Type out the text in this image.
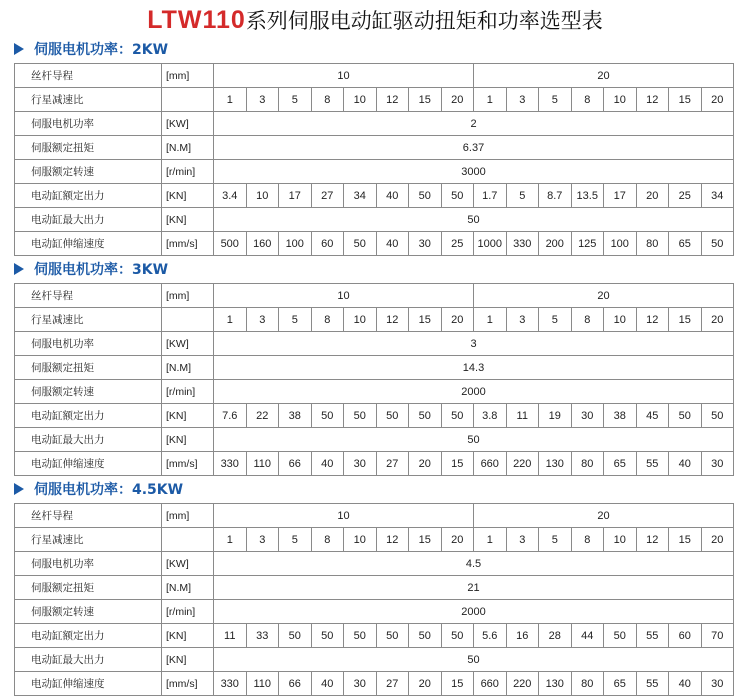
LTW110系列伺服电动缸驱动扭矩和功率选型表
伺服电机功率：2KW
丝杆导程	[mm]	10								20							
行星减速比		1	3	5	8	10	12	15	20	1	3	5	8	10	12	15	20
伺服电机功率	[KW]	2															
伺服额定扭矩	[N.M]	6.37															
伺服额定转速	[r/min]	3000															
电动缸额定出力	[KN]	3.4	10	17	27	34	40	50	50	1.7	5	8.7	13.5	17	20	25	34
电动缸最大出力	[KN]	50															
电动缸伸缩速度	[mm/s]	500	160	100	60	50	40	30	25	1000	330	200	125	100	80	65	50
伺服电机功率：3KW
丝杆导程	[mm]	10								20							
行星减速比		1	3	5	8	10	12	15	20	1	3	5	8	10	12	15	20
伺服电机功率	[KW]	3															
伺服额定扭矩	[N.M]	14.3															
伺服额定转速	[r/min]	2000															
电动缸额定出力	[KN]	7.6	22	38	50	50	50	50	50	3.8	11	19	30	38	45	50	50
电动缸最大出力	[KN]	50															
电动缸伸缩速度	[mm/s]	330	110	66	40	30	27	20	15	660	220	130	80	65	55	40	30
伺服电机功率：4.5KW
丝杆导程	[mm]	10								20							
行星减速比		1	3	5	8	10	12	15	20	1	3	5	8	10	12	15	20
伺服电机功率	[KW]	4.5															
伺服额定扭矩	[N.M]	21															
伺服额定转速	[r/min]	2000															
电动缸额定出力	[KN]	11	33	50	50	50	50	50	50	5.6	16	28	44	50	55	60	70
电动缸最大出力	[KN]	50															
电动缸伸缩速度	[mm/s]	330	110	66	40	30	27	20	15	660	220	130	80	65	55	40	30
